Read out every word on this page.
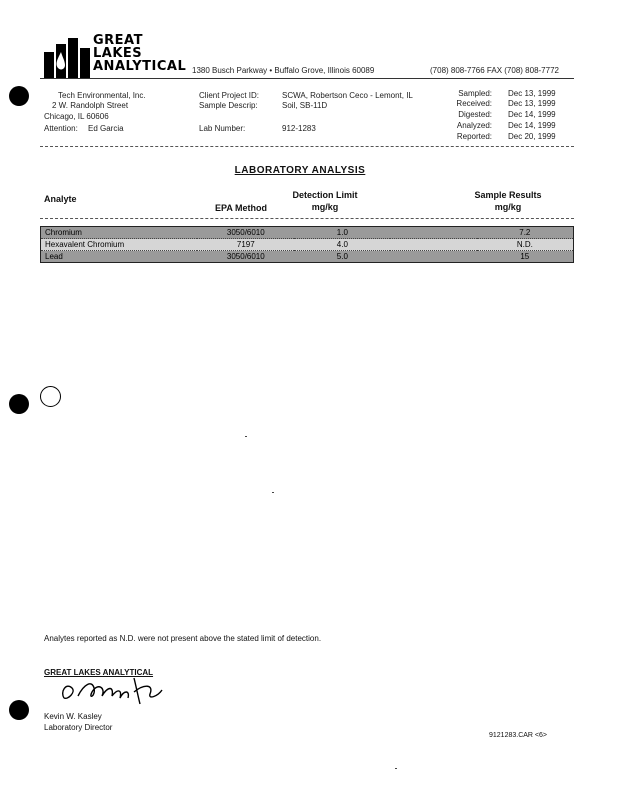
GREAT
LAKES
ANALYTICAL 1380 Busch Parkway • Buffalo Grove, Illinois 60089	(708) 808-7766 FAX (708) 808-7772
Tech Environmental, Inc.
2 W. Randolph Street
Chicago, IL 60606
Attention: Ed Garcia
Client Project ID:	SCWA, Robertson Ceco - Lemont, IL
Sample Descrip:	Soil, SB-11D
Lab Number:	912-1283
Sampled: Dec 13, 1999
Received: Dec 13, 1999
Digested: Dec 14, 1999
Analyzed: Dec 14, 1999
Reported: Dec 20, 1999
LABORATORY ANALYSIS
Analyte
EPA Method
Detection Limit
mg/kg
Sample Results
mg/kg
Chromium	3050/6010	1.0		7.2
Hexavalent Chromium	7197	4.0		N.D.
Lead	3050/6010	5.0		15
Analytes reported as N.D. were not present above the stated limit of detection.
GREAT LAKES ANALYTICAL
Kevin W. Kasley
Laboratory Director
9121283.CAR <6>
